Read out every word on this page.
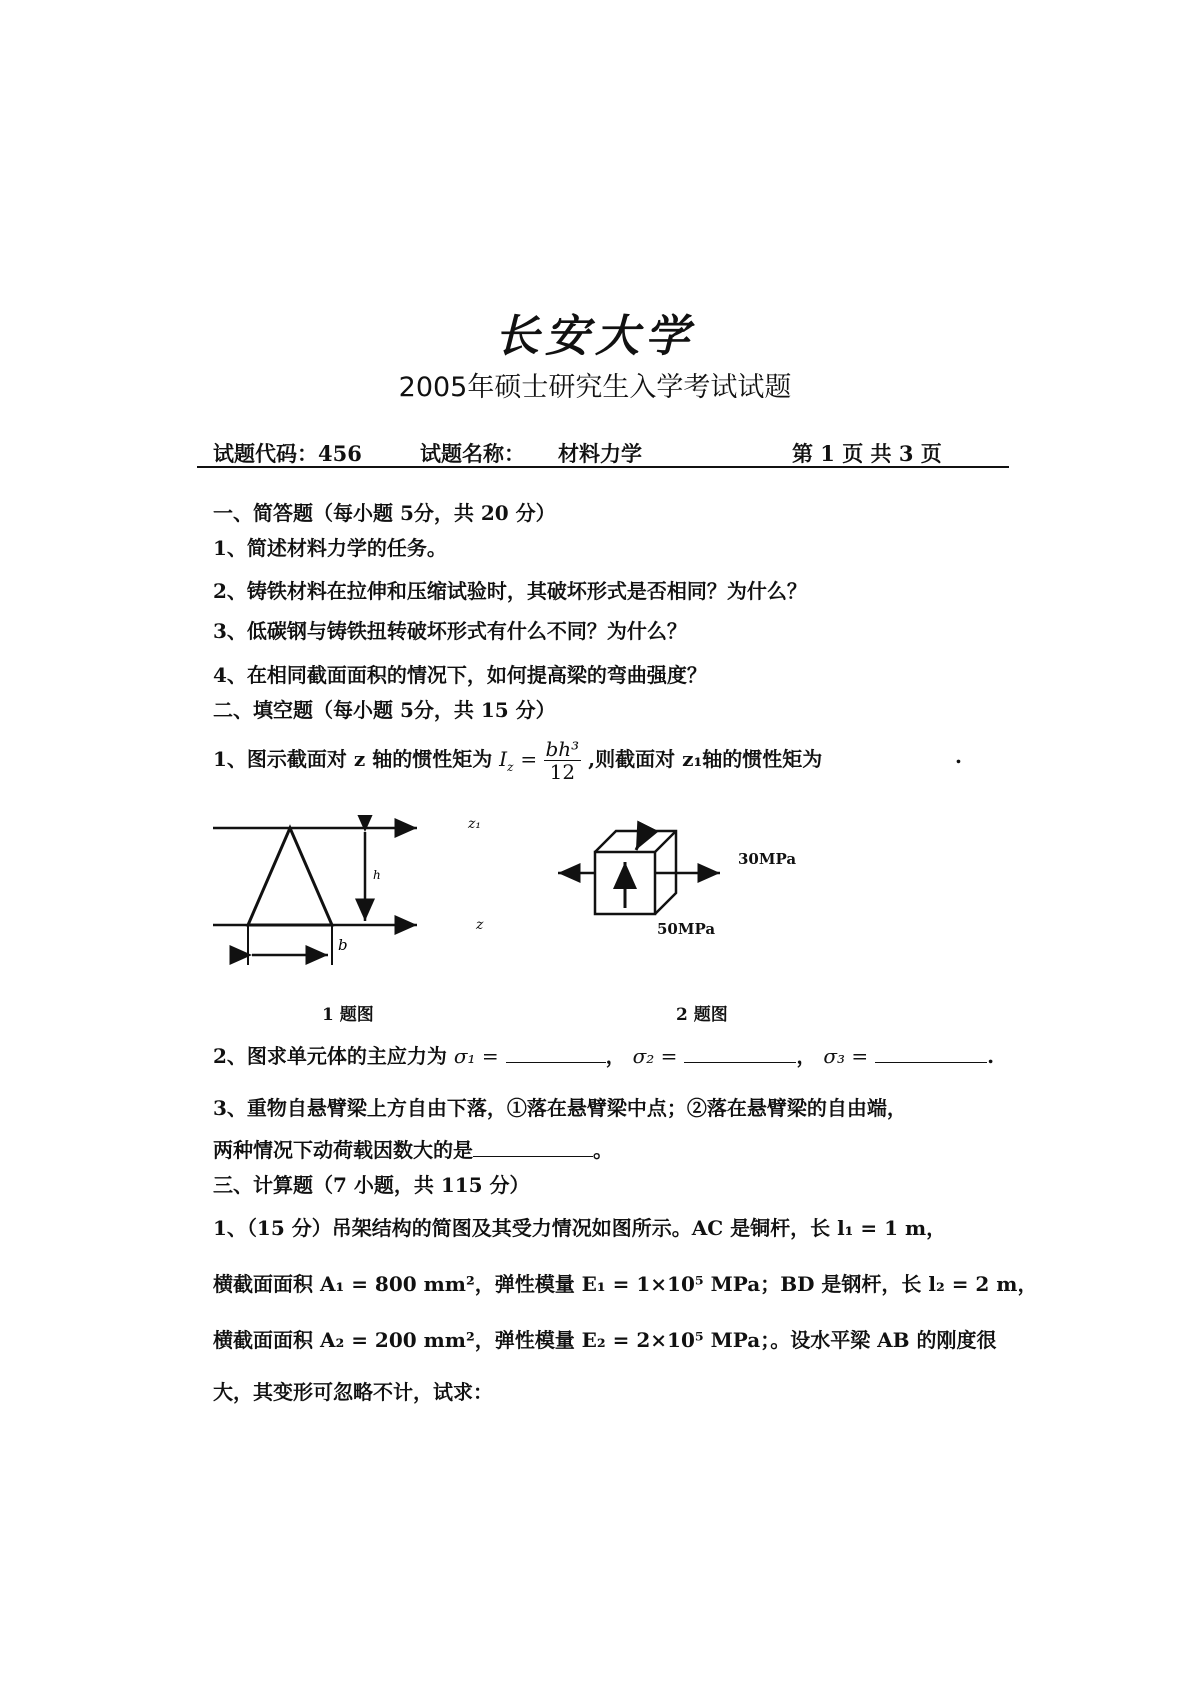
长安大学
2005年硕士研究生入学考试试题
试题代码：456	试题名称： 材料力学	第 1 页 共 3 页
一、简答题（每小题 5分，共 20 分）
1、简述材料力学的任务。
2、铸铁材料在拉伸和压缩试验时，其破坏形式是否相同？为什么？
3、低碳钢与铸铁扭转破坏形式有什么不同？为什么？
4、在相同截面面积的情况下，如何提高梁的弯曲强度？
二、填空题（每小题 5分，共 15 分）
1、图示截面对 z 轴的惯性矩为 $I_z = \frac{\text{bh³}}{12}$ ,则截面对 z₁轴的惯性矩为	.
h
b
z₁
z
1 题图
30MPa
50MPa
2 题图
2、图求单元体的主应力为 σ₁ =	， σ₂ =	， σ₃ =	.
3、重物自悬臂梁上方自由下落，①落在悬臂梁中点；②落在悬臂梁的自由端，
两种情况下动荷载因数大的是	。
三、计算题（7 小题，共 115 分）
1、（15 分）吊架结构的简图及其受力情况如图所示。AC 是铜杆，长 l₁ = 1 m，
横截面面积 A₁ = 800 mm²，弹性模量 E₁ = 1×10⁵ MPa；BD 是钢杆，长 l₂ = 2 m，
横截面面积 A₂ = 200 mm²，弹性模量 E₂ = 2×10⁵ MPa；。设水平梁 AB 的刚度很
大，其变形可忽略不计，试求：
